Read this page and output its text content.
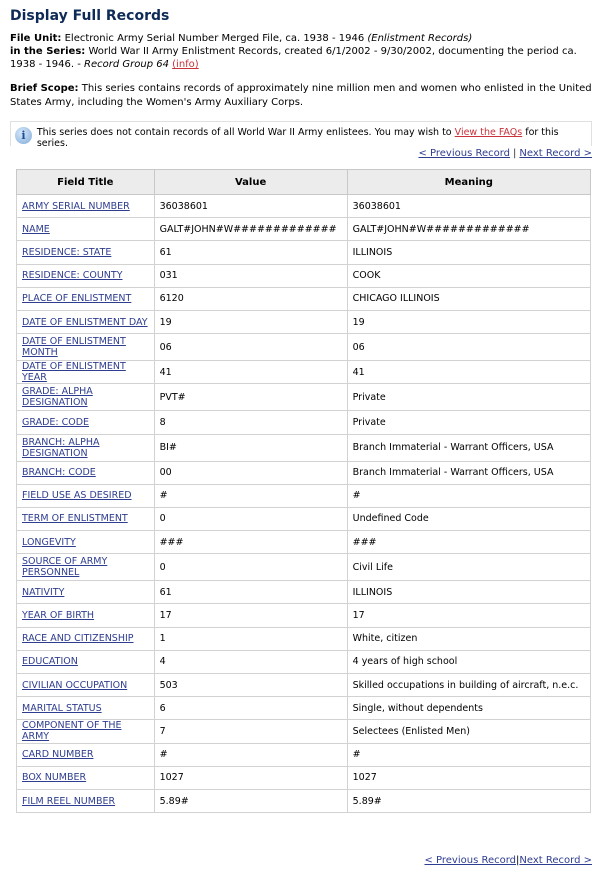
Display Full Records
File Unit: Electronic Army Serial Number Merged File, ca. 1938 - 1946 (Enlistment Records)
in the Series: World War II Army Enlistment Records, created 6/1/2002 - 9/30/2002, documenting the period ca. 1938 - 1946. - Record Group 64 (info)
Brief Scope: This series contains records of approximately nine million men and women who enlisted in the United States Army, including the Women's Army Auxiliary Corps.
i	This series does not contain records of all World War II Army enlistees. You may wish to View the FAQs for this series.
< Previous Record | Next Record >
Field Title	Value	Meaning
ARMY SERIAL NUMBER	36038601	36038601
NAME	GALT#JOHN#W#############	GALT#JOHN#W#############
RESIDENCE: STATE	61	ILLINOIS
RESIDENCE: COUNTY	031	COOK
PLACE OF ENLISTMENT	6120	CHICAGO ILLINOIS
DATE OF ENLISTMENT DAY	19	19
DATE OF ENLISTMENT MONTH	06	06
DATE OF ENLISTMENT YEAR	41	41
GRADE: ALPHA DESIGNATION	PVT#	Private
GRADE: CODE	8	Private
BRANCH: ALPHA DESIGNATION	BI#	Branch Immaterial - Warrant Officers, USA
BRANCH: CODE	00	Branch Immaterial - Warrant Officers, USA
FIELD USE AS DESIRED	#	#
TERM OF ENLISTMENT	0	Undefined Code
LONGEVITY	###	###
SOURCE OF ARMY PERSONNEL	0	Civil Life
NATIVITY	61	ILLINOIS
YEAR OF BIRTH	17	17
RACE AND CITIZENSHIP	1	White, citizen
EDUCATION	4	4 years of high school
CIVILIAN OCCUPATION	503	Skilled occupations in building of aircraft, n.e.c.
MARITAL STATUS	6	Single, without dependents
COMPONENT OF THE ARMY	7	Selectees (Enlisted Men)
CARD NUMBER	#	#
BOX NUMBER	1027	1027
FILM REEL NUMBER	5.89#	5.89#
< Previous Record|Next Record >
